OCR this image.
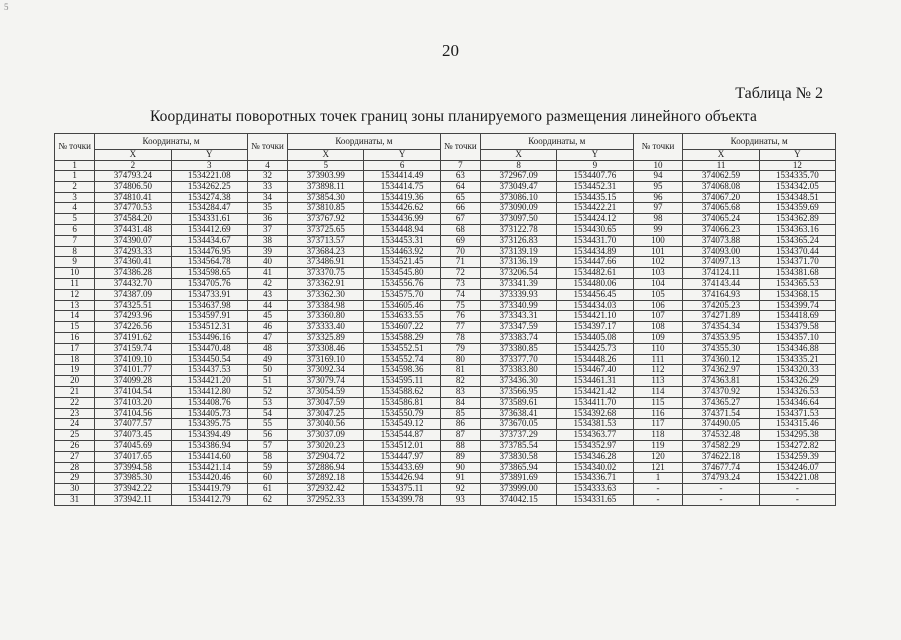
5
20
Таблица № 2
Координаты поворотных точек границ зоны планируемого размещения линейного объекта
№ точки	Координаты, м		№ точки	Координаты, м		№ точки	Координаты, м		№ точки	Координаты, м	
	X	Y		X	Y		X	Y		X	Y
1	2	3	4	5	6	7	8	9	10	11	12
1	374793.24	1534221.08	32	373903.99	1534414.49	63	372967.09	1534407.76	94	374062.59	1534335.70
2	374806.50	1534262.25	33	373898.11	1534414.75	64	373049.47	1534452.31	95	374068.08	1534342.05
3	374810.41	1534274.38	34	373854.30	1534419.36	65	373086.10	1534435.15	96	374067.20	1534348.51
4	374770.53	1534284.47	35	373810.85	1534426.62	66	373090.09	1534422.21	97	374065.68	1534359.69
5	374584.20	1534331.61	36	373767.92	1534436.99	67	373097.50	1534424.12	98	374065.24	1534362.89
6	374431.48	1534412.69	37	373725.65	1534448.94	68	373122.78	1534430.65	99	374066.23	1534363.16
7	374390.07	1534434.67	38	373713.57	1534453.31	69	373126.83	1534431.70	100	374073.88	1534365.24
8	374293.33	1534476.95	39	373684.23	1534463.92	70	373139.19	1534434.89	101	374093.00	1534370.44
9	374360.41	1534564.78	40	373486.91	1534521.45	71	373136.19	1534447.66	102	374097.13	1534371.70
10	374386.28	1534598.65	41	373370.75	1534545.80	72	373206.54	1534482.61	103	374124.11	1534381.68
11	374432.70	1534705.76	42	373362.91	1534556.76	73	373341.39	1534480.06	104	374143.44	1534365.53
12	374387.09	1534733.91	43	373362.30	1534575.70	74	373339.93	1534456.45	105	374164.93	1534368.15
13	374325.51	1534637.98	44	373384.98	1534605.46	75	373340.99	1534434.03	106	374205.23	1534399.74
14	374293.96	1534597.91	45	373360.80	1534633.55	76	373343.31	1534421.10	107	374271.89	1534418.69
15	374226.56	1534512.31	46	373333.40	1534607.22	77	373347.59	1534397.17	108	374354.34	1534379.58
16	374191.62	1534496.16	47	373325.89	1534588.29	78	373383.74	1534405.08	109	374353.95	1534357.10
17	374159.74	1534470.48	48	373308.46	1534552.51	79	373380.85	1534425.73	110	374355.30	1534346.88
18	374109.10	1534450.54	49	373169.10	1534552.74	80	373377.70	1534448.26	111	374360.12	1534335.21
19	374101.77	1534437.53	50	373092.34	1534598.36	81	373383.80	1534467.40	112	374362.97	1534320.33
20	374099.28	1534421.20	51	373079.74	1534595.11	82	373436.30	1534461.31	113	374363.81	1534326.29
21	374104.54	1534412.80	52	373054.59	1534588.62	83	373566.95	1534421.42	114	374370.92	1534326.53
22	374103.20	1534408.76	53	373047.59	1534586.81	84	373589.61	1534411.70	115	374365.27	1534346.64
23	374104.56	1534405.73	54	373047.25	1534550.79	85	373638.41	1534392.68	116	374371.54	1534371.53
24	374077.57	1534395.75	55	373040.56	1534549.12	86	373670.05	1534381.53	117	374490.05	1534315.46
25	374073.45	1534394.49	56	373037.09	1534544.87	87	373737.29	1534363.77	118	374532.48	1534295.38
26	374045.69	1534386.94	57	373020.23	1534512.01	88	373785.54	1534352.97	119	374582.29	1534272.82
27	374017.65	1534414.60	58	372904.72	1534447.97	89	373830.58	1534346.28	120	374622.18	1534259.39
28	373994.58	1534421.14	59	372886.94	1534433.69	90	373865.94	1534340.02	121	374677.74	1534246.07
29	373985.30	1534420.46	60	372892.18	1534426.94	91	373891.69	1534336.71	1	374793.24	1534221.08
30	373942.22	1534419.79	61	372932.42	1534375.11	92	373999.00	1534333.63	-	-	-
31	373942.11	1534412.79	62	372952.33	1534399.78	93	374042.15	1534331.65	-	-	-
